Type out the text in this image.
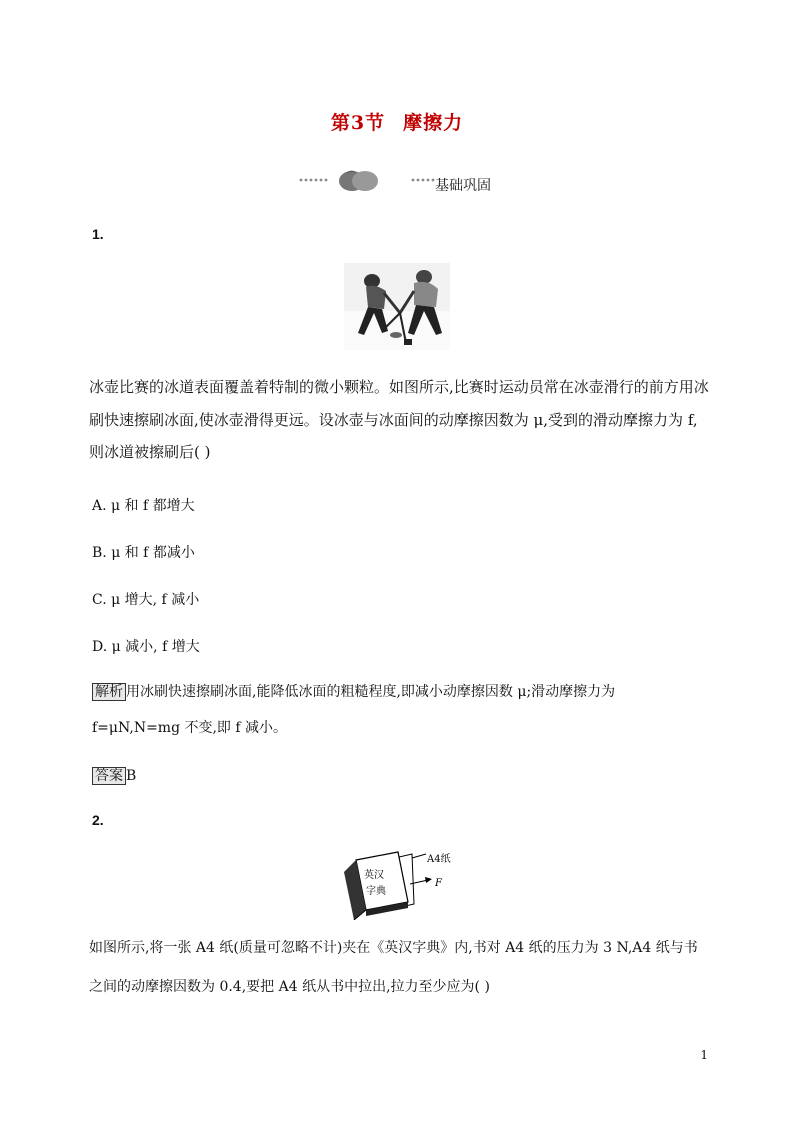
第3节 摩擦力
基础巩固
1.
冰壶比赛的冰道表面覆盖着特制的微小颗粒。如图所示,比赛时运动员常在冰壶滑行的前方用冰刷快速擦刷冰面,使冰壶滑得更远。设冰壶与冰面间的动摩擦因数为 μ,受到的滑动摩擦力为 f,则冰道被擦刷后( )
A. μ 和 f 都增大
B. μ 和 f 都减小
C. μ 增大, f 减小
D. μ 减小, f 增大
解析 用冰刷快速擦刷冰面,能降低冰面的粗糙程度,即减小动摩擦因数 μ;滑动摩擦力为
f=μN,N=mg 不变,即 f 减小。
答案 B
2.
英汉
字典
A4纸
F
如图所示,将一张 A4 纸(质量可忽略不计)夹在《英汉字典》内,书对 A4 纸的压力为 3 N,A4 纸与书
之间的动摩擦因数为 0.4,要把 A4 纸从书中拉出,拉力至少应为( )
1
